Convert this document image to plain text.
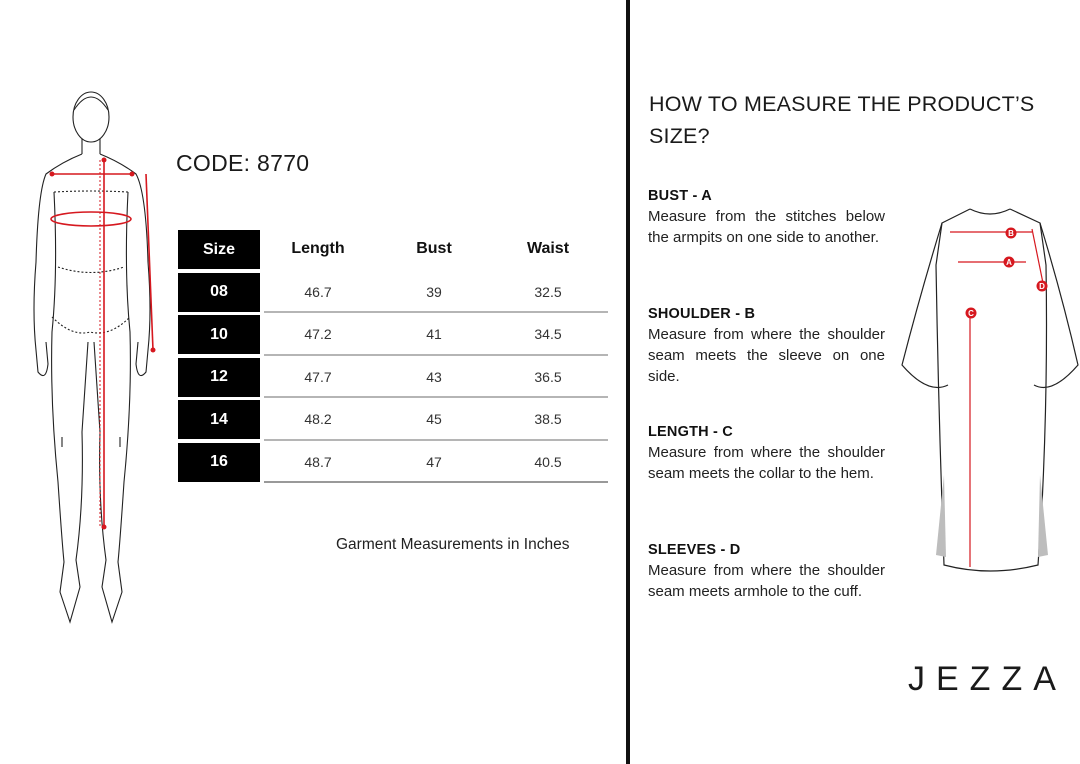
CODE: 8770
Size	Length	Bust	Waist
08	46.7	39	32.5
10	47.2	41	34.5
12	47.7	43	36.5
14	48.2	45	38.5
16	48.7	47	40.5
Garment Measurements in Inches
HOW TO MEASURE THE PRODUCT’S SIZE?
BUST - A
Measure from the stitches below the armpits on one side to another.
SHOULDER - B
Measure from where the shoulder seam meets the sleeve on one side.
LENGTH - C
Measure from where the shoulder seam meets the collar to the hem.
SLEEVES - D
Measure from where the shoulder seam meets armhole to the cuff.
B
A
C
D
JEZZA
